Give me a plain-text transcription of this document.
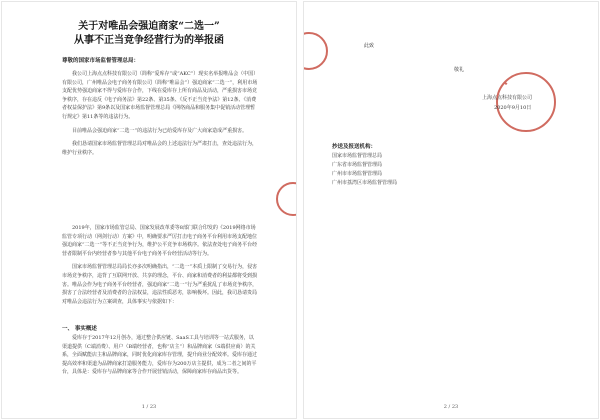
关于对唯品会强迫商家“二选一”
从事不正当竞争经营行为的举报函
尊敬的国家市场监督管理总局：

我公司上海点点科技有限公司（简称“爱库存”或“AKC”）现实名举报唯品会（中国）有限公司，广州唯品会电子商务有限公司（简称“唯品会”）强迫商家“二选一”，利用市场支配优势强迫商家不得与爱库存合作，下线在爱库存上所有商品及活动，严重损害市场竞争秩序，存在违反《电子商务法》第22条、第35条、《反不正当竞争法》第12条、《消费者权益保护法》第9条以及国家市场监督管理总局《网络商品和服务集中促销活动管理暂行规定》第11条等的违法行为。

目前唯品会强迫商家“二选一”的违法行为已给爱库存及广大商家造成严重损害。

我们恳请国家市场监督管理总局对唯品会的上述违法行为严肃打击，查处违法行为，维护行业秩序。

2019年，国家市场监管总局、国家发展改革委等8部门联合印发的《2019网络市场监管专项行动（网剑行动）方案》中，明确要求严厉打击电子商务平台利用市场支配地位强迫商家“二选一”等不正当竞争行为，维护公平竞争市场秩序。依法查处电子商务平台经营者限制平台内经营者参与其他平台电子商务平台经营活动等行为。

国家市场监督管理总局局长亦多次明确指出，“二选一”本质上限制了交易行为，侵害市场竞争秩序，违背了互联网开放、共享的理念，平台、商家和消费者的利益都将受到损害。唯品会作为电子商务平台经营者，强迫商家“二选一”行为严重扰乱了市场竞争秩序，损害了合法经营者及消费者的合法权益，违法性质恶劣，影响极坏。因此，我司恳请贵局对唯品会违法行为立案调查，具体事实与依据如下：

一、 事实概述

爱库存于2017年12月创办，通过整合供应链、SaaS工具与培训等一站式服务，以渠道提供（C端消费）、用户（B端经营者，也称“店主”）和品牌商家（S端供应商）的关系，全面赋能店主和品牌商家，同时优化商家库存管理，提升商业分配效率。爱库存通过提高效率和渠道为品牌商家打造服务能力，爱库存为200万店主提供，成为二者之间的平台，具体是：爱库存与品牌商家等合作开展营销活动，保障商家库存商品出货等。

1 / 23
此致
敬礼
★
上海点点科技有限公司
2020年9月10日
抄送及报送机构：
国家市场监督管理总局
广东省市场监督管理局
广州市市场监督管理局
广州市荔湾区市场监督管理局
2 / 23
